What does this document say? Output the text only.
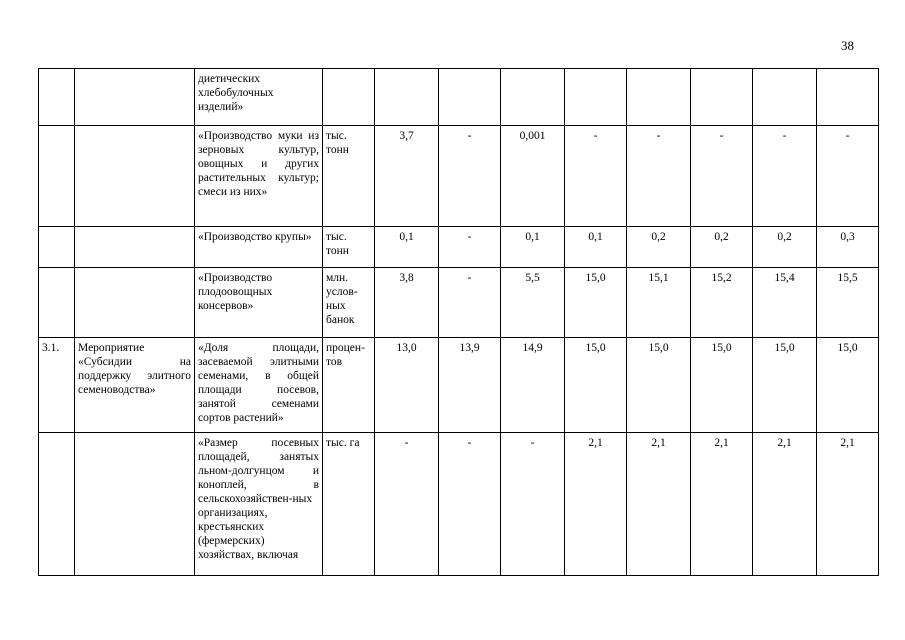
38
		диетических хлебобулочных изделий»									
		«Производство муки из зерновых культур, овощных и других растительных культур; смеси из них»	тыс. тонн	3,7	-	0,001	-	-	-	-	-
		«Производство крупы»	тыс. тонн	0,1	-	0,1	0,1	0,2	0,2	0,2	0,3
		«Производство плодоовощных консервов»	млн. услов-ных банок	3,8	-	5,5	15,0	15,1	15,2	15,4	15,5
3.1.	Мероприятие «Субсидии на поддержку элитного семеноводства»	«Доля площади, засеваемой элитными семенами, в общей площади посевов, занятой семенами сортов растений»	процен-тов	13,0	13,9	14,9	15,0	15,0	15,0	15,0	15,0
		«Размер посевных площадей, занятых льном-долгунцом и коноплей, в сельскохозяйствен-ных организациях, крестьянских (фермерских) хозяйствах, включая	тыс. га	-	-	-	2,1	2,1	2,1	2,1	2,1
